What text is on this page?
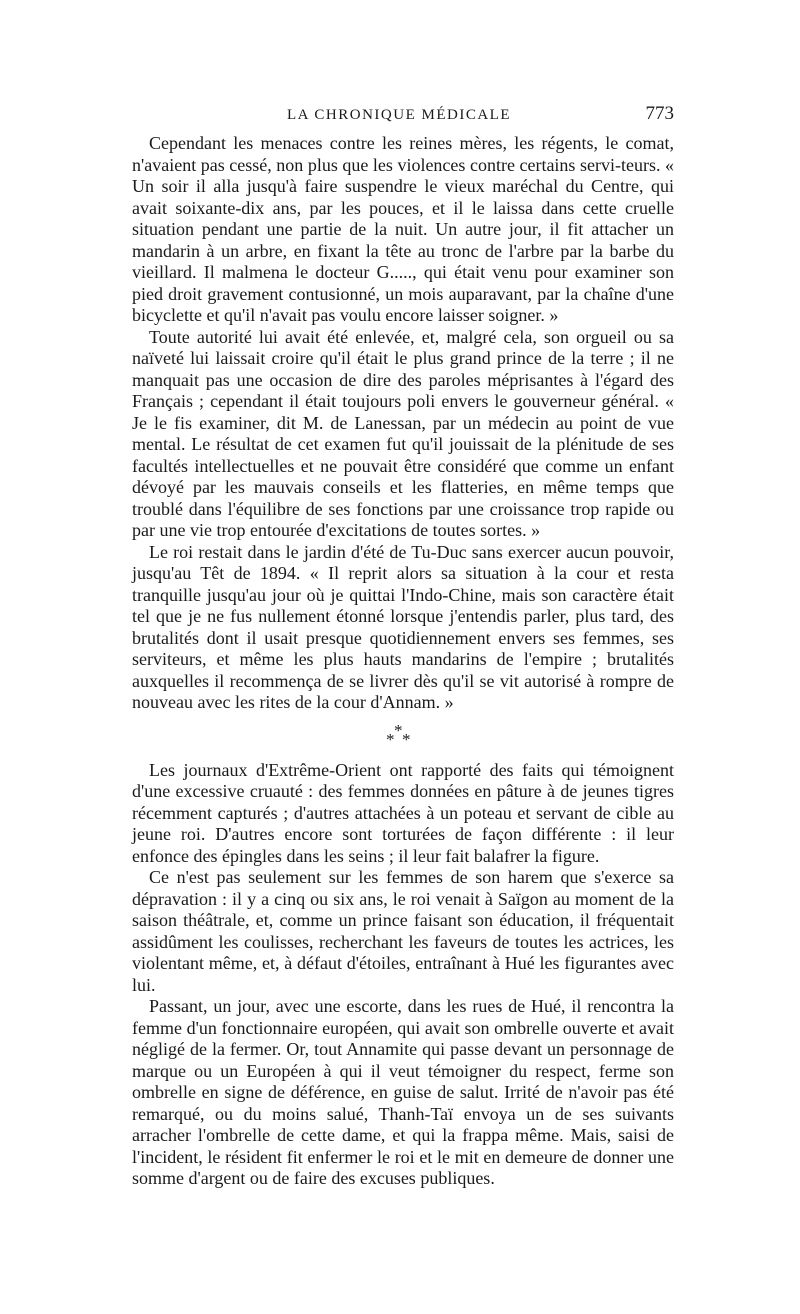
LA CHRONIQUE MÉDICALE	773

Cependant les menaces contre les reines mères, les régents, le comat, n'avaient pas cessé, non plus que les violences contre certains servi-teurs. « Un soir il alla jusqu'à faire suspendre le vieux maréchal du Centre, qui avait soixante-dix ans, par les pouces, et il le laissa dans cette cruelle situation pendant une partie de la nuit. Un autre jour, il fit attacher un mandarin à un arbre, en fixant la tête au tronc de l'arbre par la barbe du vieillard. Il malmena le docteur G....., qui était venu pour examiner son pied droit gravement contusionné, un mois auparavant, par la chaîne d'une bicyclette et qu'il n'avait pas voulu encore laisser soigner. »

Toute autorité lui avait été enlevée, et, malgré cela, son orgueil ou sa naïveté lui laissait croire qu'il était le plus grand prince de la terre ; il ne manquait pas une occasion de dire des paroles méprisantes à l'égard des Français ; cependant il était toujours poli envers le gouverneur général. « Je le fis examiner, dit M. de Lanessan, par un médecin au point de vue mental. Le résultat de cet examen fut qu'il jouissait de la plénitude de ses facultés intellectuelles et ne pouvait être considéré que comme un enfant dévoyé par les mauvais conseils et les flatteries, en même temps que troublé dans l'équilibre de ses fonctions par une croissance trop rapide ou par une vie trop entourée d'excitations de toutes sortes. »

Le roi restait dans le jardin d'été de Tu-Duc sans exercer aucun pouvoir, jusqu'au Têt de 1894. « Il reprit alors sa situation à la cour et resta tranquille jusqu'au jour où je quittai l'Indo-Chine, mais son caractère était tel que je ne fus nullement étonné lorsque j'entendis parler, plus tard, des brutalités dont il usait presque quotidiennement envers ses femmes, ses serviteurs, et même les plus hauts mandarins de l'empire ; brutalités auxquelles il recommença de se livrer dès qu'il se vit autorisé à rompre de nouveau avec les rites de la cour d'Annam. »

*
* *

Les journaux d'Extrême-Orient ont rapporté des faits qui témoignent d'une excessive cruauté : des femmes données en pâture à de jeunes tigres récemment capturés ; d'autres attachées à un poteau et servant de cible au jeune roi. D'autres encore sont torturées de façon différente : il leur enfonce des épingles dans les seins ; il leur fait balafrer la figure.

Ce n'est pas seulement sur les femmes de son harem que s'exerce sa dépravation : il y a cinq ou six ans, le roi venait à Saïgon au moment de la saison théâtrale, et, comme un prince faisant son éducation, il fréquentait assidûment les coulisses, recherchant les faveurs de toutes les actrices, les violentant même, et, à défaut d'étoiles, entraînant à Hué les figurantes avec lui.

Passant, un jour, avec une escorte, dans les rues de Hué, il rencontra la femme d'un fonctionnaire européen, qui avait son ombrelle ouverte et avait négligé de la fermer. Or, tout Annamite qui passe devant un personnage de marque ou un Européen à qui il veut témoigner du respect, ferme son ombrelle en signe de déférence, en guise de salut. Irrité de n'avoir pas été remarqué, ou du moins salué, Thanh-Taï envoya un de ses suivants arracher l'ombrelle de cette dame, et qui la frappa même. Mais, saisi de l'incident, le résident fit enfermer le roi et le mit en demeure de donner une somme d'argent ou de faire des excuses publiques.
